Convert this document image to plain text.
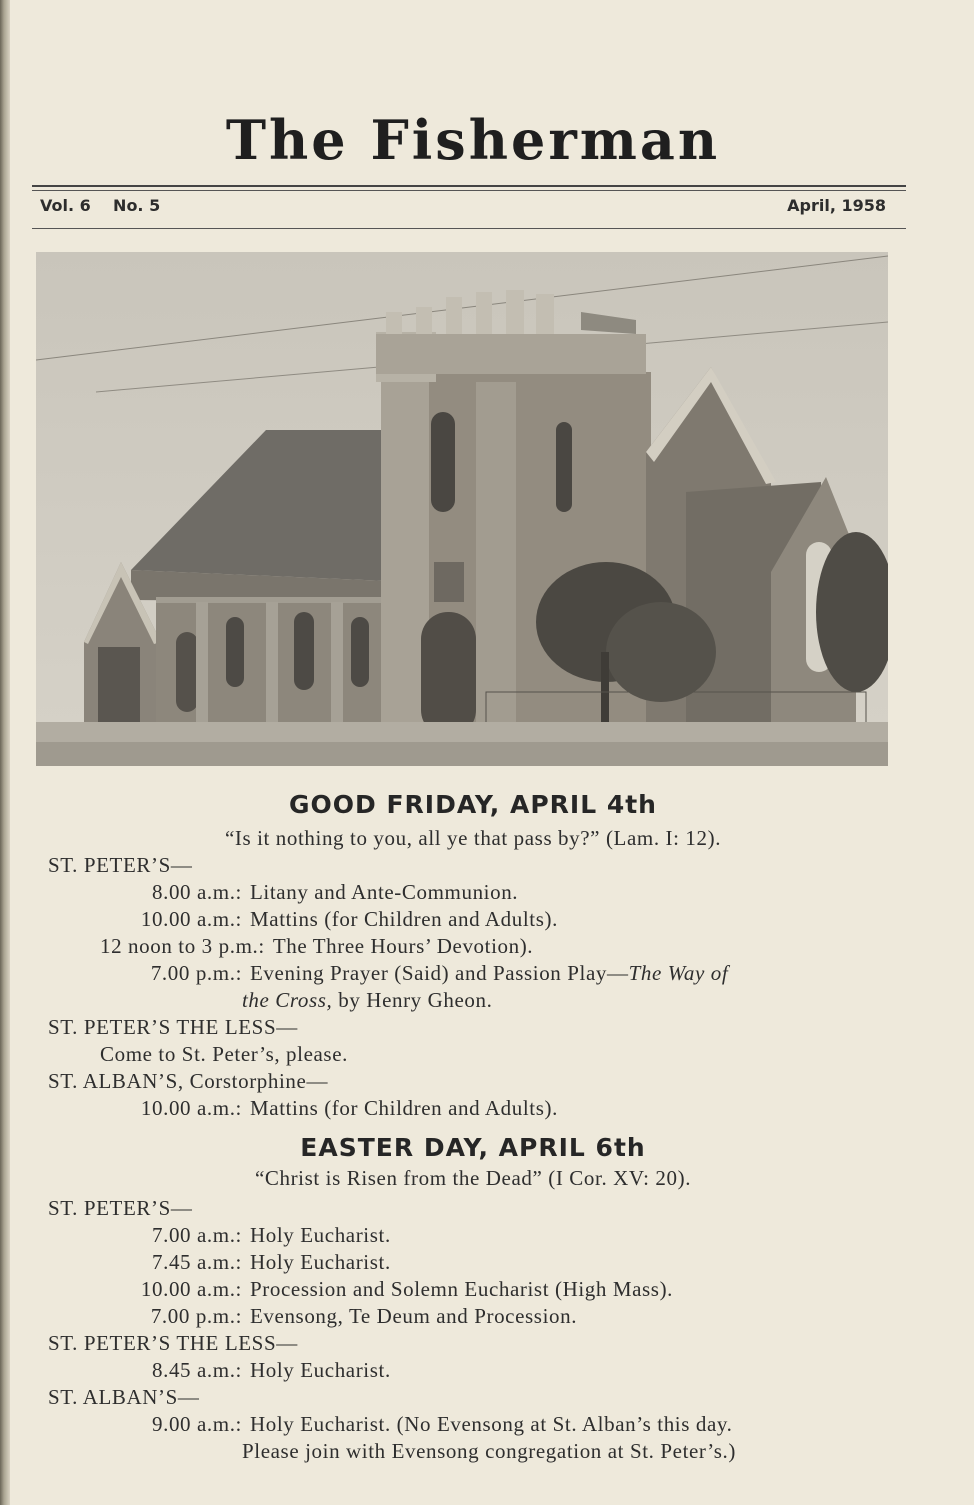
The Fisherman
Vol. 6 No. 5	April, 1958
GOOD FRIDAY, APRIL 4th
“Is it nothing to you, all ye that pass by?” (Lam. I: 12).
ST. PETER’S—
8.00 a.m.: Litany and Ante-Communion.
10.00 a.m.: Mattins (for Children and Adults).
12 noon to 3 p.m.: The Three Hours’ Devotion).
7.00 p.m.: Evening Prayer (Said) and Passion Play—The Way of
the Cross, by Henry Gheon.
ST. PETER’S THE LESS—
Come to St. Peter’s, please.
ST. ALBAN’S, Corstorphine—
10.00 a.m.: Mattins (for Children and Adults).
EASTER DAY, APRIL 6th
“Christ is Risen from the Dead” (I Cor. XV: 20).
ST. PETER’S—
7.00 a.m.: Holy Eucharist.
7.45 a.m.: Holy Eucharist.
10.00 a.m.: Procession and Solemn Eucharist (High Mass).
7.00 p.m.: Evensong, Te Deum and Procession.
ST. PETER’S THE LESS—
8.45 a.m.: Holy Eucharist.
ST. ALBAN’S—
9.00 a.m.: Holy Eucharist. (No Evensong at St. Alban’s this day.
Please join with Evensong congregation at St. Peter’s.)
